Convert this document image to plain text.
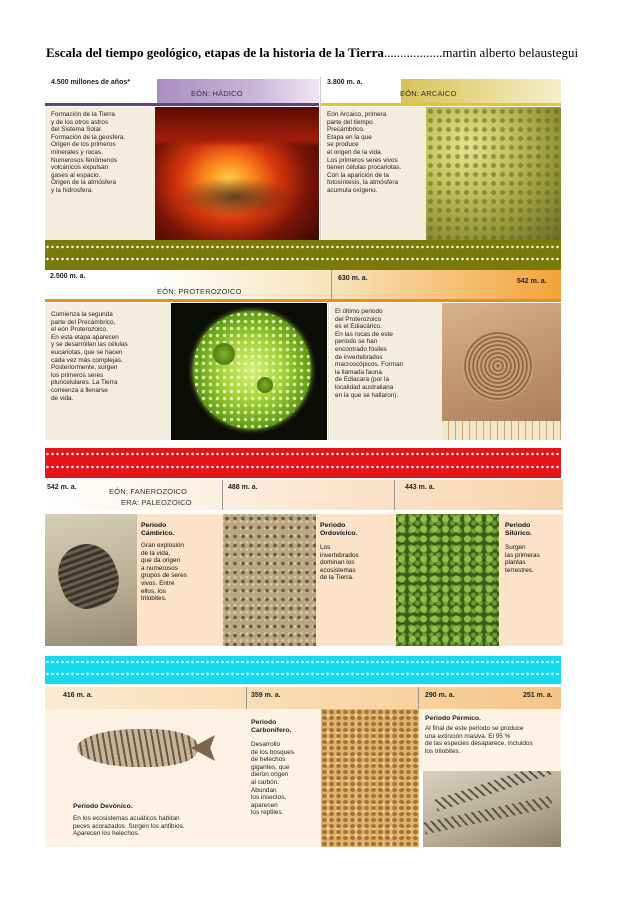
Escala del tiempo geológico, etapas de la historia de la Tierra..................martin alberto belaustegui
4.500 millones de años*
EÓN: HÁDICO
3.800 m. a.
EÓN: ARCAICO
Formación de la Tierra
y de los otros astros
del Sistema Solar.
Formación de la geosfera.
Origen de los primeros
minerales y rocas.
Numerosos fenómenos
volcánicos expulsan
gases al espacio.
Origen de la atmósfera
y la hidrosfera.
Eón Arcaico, primera
parte del tiempo
Precámbrico.
Etapa en la que
se produce
el origen de la vida.
Los primeros seres vivos
tienen células procariotas.
Con la aparición de la
fotosíntesis, la atmósfera
acumula oxígeno.
2.500 m. a.
EÓN: PROTEROZOICO
630 m. a.	542 m. a.
Comienza la segunda
parte del Precámbrico,
el eón Proterozoico.
En esta etapa aparecen
y se desarrollan las células
eucariotas, que se hacen
cada vez más complejas.
Posteriormente, surgen
los primeros seres
pluricelulares. La Tierra
comienza a llenarse
de vida.
El último periodo
del Proterozoico
es el Ediacárico.
En las rocas de este
periodo se han
encontrado fósiles
de invertebrados
macroscópicos. Forman
la llamada fauna
de Ediacara (por la
localidad australiana
en la que se hallaron).
542 m. a.	EÓN: FANEROZOICO
ERA: PALEOZOICO
488 m. a.	443 m. a.
Periodo
Cámbrico.
Gran explosión
de la vida,
que da origen
a numerosos
grupos de seres
vivos. Entre
ellos, los
trilobites.
Periodo
Ordovícico.
Los
invertebrados
dominan los
ecosistemas
de la Tierra.
Periodo
Silúrico.
Surgen
las primeras
plantas
terrestres.
416 m. a.	359 m. a.	290 m. a.	251 m. a.
Periodo Devónico.
En los ecosistemas acuáticos habitan
peces acorazados. Surgen los anfibios.
Aparecen los helechos.
Periodo
Carbonífero.
Desarrollo
de los bosques
de helechos
gigantes, que
dieron origen
al carbón.
Abundan
los insectos,
aparecen
los reptiles.
Periodo Pérmico.
Al final de este periodo se produce
una extinción masiva. El 95 %
de las especies desaparece, incluidos
los trilobites.
